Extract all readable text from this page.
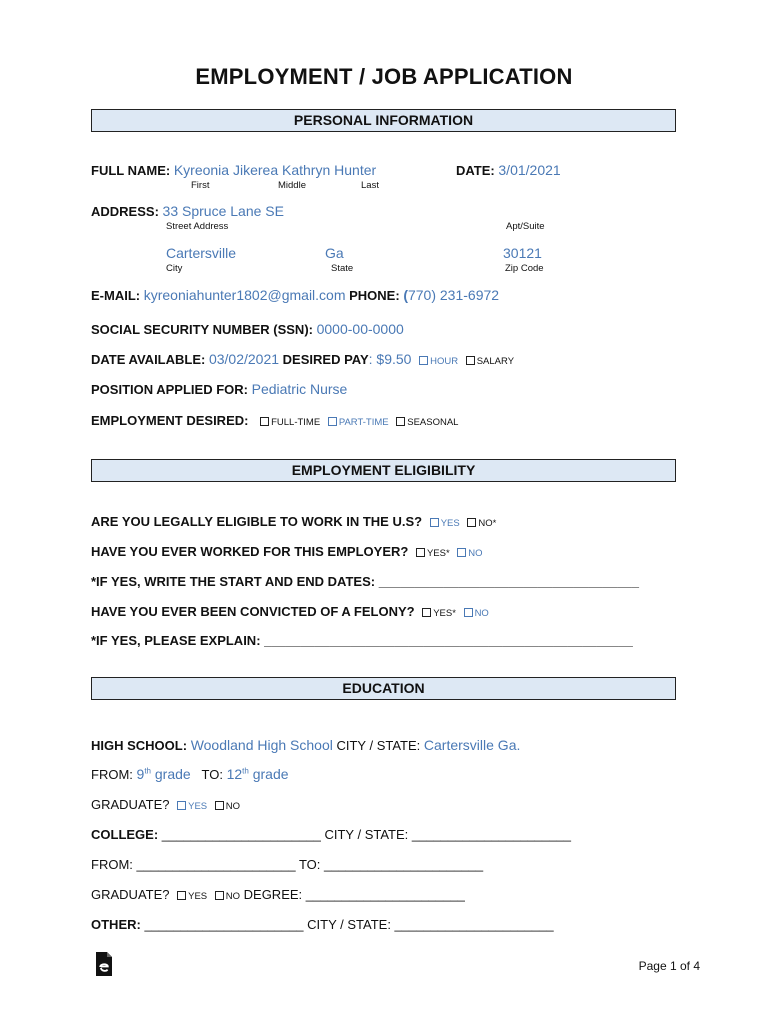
EMPLOYMENT / JOB APPLICATION
PERSONAL INFORMATION
FULL NAME: Kyreonia Jikerea Kathryn Hunter
First	Middle	Last
DATE: 3/01/2021
ADDRESS: 33 Spruce Lane SE
Street Address	Apt/Suite
Cartersville	Ga	30121
City	State	Zip Code
E-MAIL: kyreoniahunter1802@gmail.com PHONE: (770) 231-6972
SOCIAL SECURITY NUMBER (SSN): 0000-00-0000
DATE AVAILABLE: 03/02/2021 DESIRED PAY: $9.50 HOUR SALARY
POSITION APPLIED FOR: Pediatric Nurse
EMPLOYMENT DESIRED: FULL-TIME PART-TIME SEASONAL
EMPLOYMENT ELIGIBILITY
ARE YOU LEGALLY ELIGIBLE TO WORK IN THE U.S? YES NO*
HAVE YOU EVER WORKED FOR THIS EMPLOYER? YES* NO
*IF YES, WRITE THE START AND END DATES: ____________________________________
HAVE YOU EVER BEEN CONVICTED OF A FELONY? YES* NO
*IF YES, PLEASE EXPLAIN: ___________________________________________________
EDUCATION
HIGH SCHOOL: Woodland High School CITY / STATE: Cartersville Ga.
FROM: 9th grade TO: 12th grade
GRADUATE? YES NO
COLLEGE: ______________________ CITY / STATE: ______________________
FROM: ______________________ TO: ______________________
GRADUATE? YES NO DEGREE: ______________________
OTHER: ______________________ CITY / STATE: ______________________
Page 1 of 4
